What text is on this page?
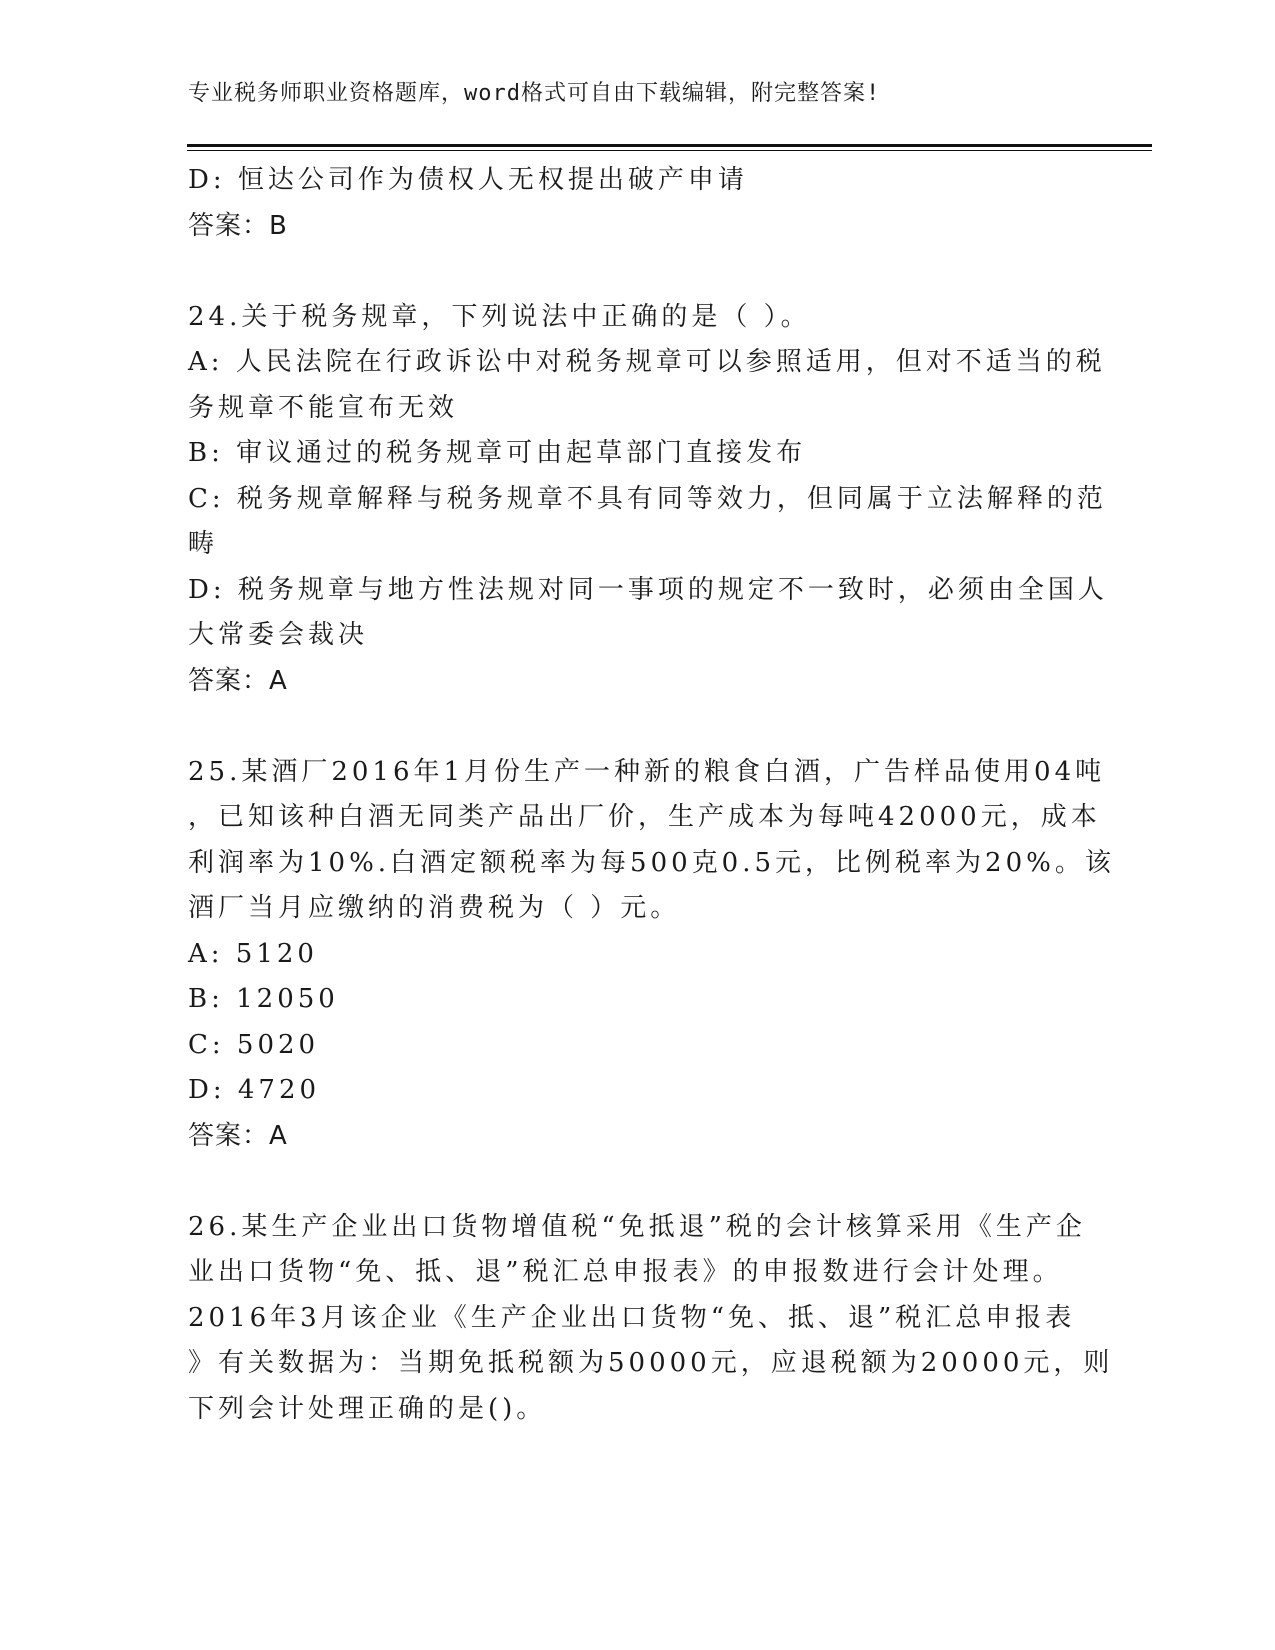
专业税务师职业资格题库，word格式可自由下载编辑，附完整答案!
D: 恒达公司作为债权人无权提出破产申请
答案：B
24.关于税务规章，下列说法中正确的是（ ）。
A: 人民法院在行政诉讼中对税务规章可以参照适用，但对不适当的税
务规章不能宣布无效
B: 审议通过的税务规章可由起草部门直接发布
C: 税务规章解释与税务规章不具有同等效力，但同属于立法解释的范
畴
D: 税务规章与地方性法规对同一事项的规定不一致时，必须由全国人
大常委会裁决
答案：A
25.某酒厂2016年1月份生产一种新的粮食白酒，广告样品使用04吨
，已知该种白酒无同类产品出厂价，生产成本为每吨42000元，成本
利润率为10%.白酒定额税率为每500克0.5元，比例税率为20%。该
酒厂当月应缴纳的消费税为（ ）元。
A: 5120
B: 12050
C: 5020
D: 4720
答案：A
26.某生产企业出口货物增值税“免抵退”税的会计核算采用《生产企
业出口货物“免、抵、退”税汇总申报表》的申报数进行会计处理。
2016年3月该企业《生产企业出口货物“免、抵、退”税汇总申报表
》有关数据为：当期免抵税额为50000元，应退税额为20000元，则
下列会计处理正确的是()。
